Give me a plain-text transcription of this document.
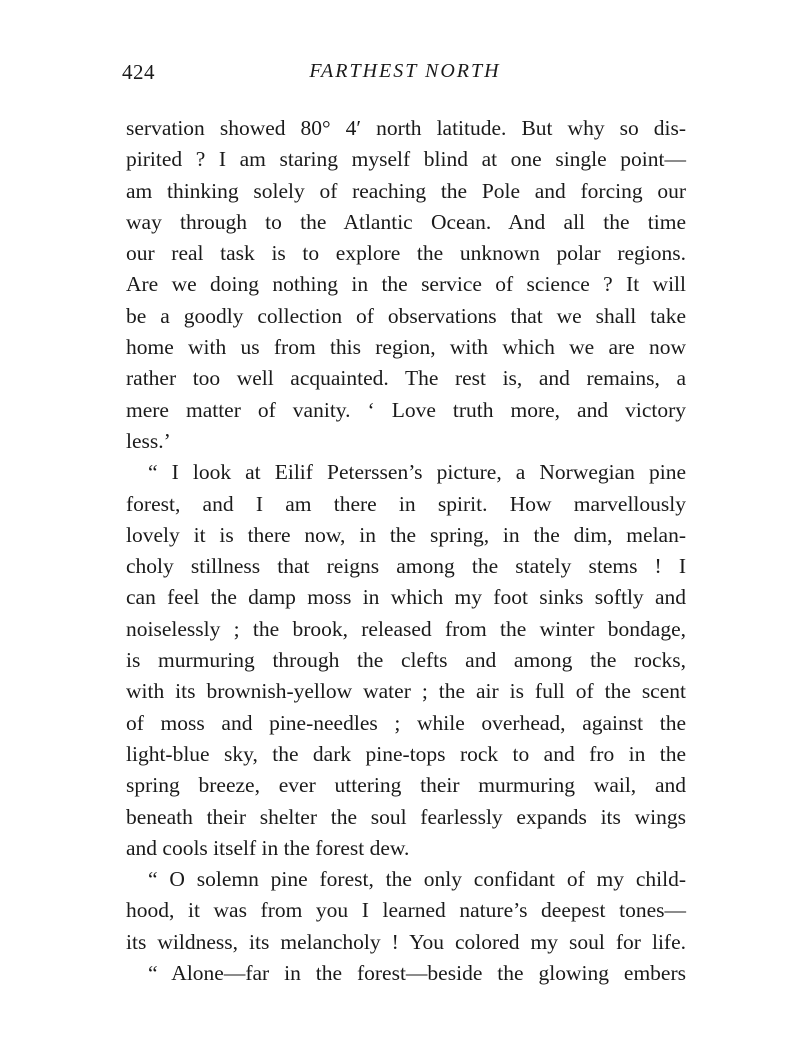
424	FARTHEST NORTH
servation showed 80° 4′ north latitude. But why so dis-
pirited ? I am staring myself blind at one single point—
am thinking solely of reaching the Pole and forcing our
way through to the Atlantic Ocean. And all the time
our real task is to explore the unknown polar regions.
Are we doing nothing in the service of science ? It will
be a goodly collection of observations that we shall take
home with us from this region, with which we are now
rather too well acquainted. The rest is, and remains, a
mere matter of vanity. ‘ Love truth more, and victory
less.’
“ I look at Eilif Peterssen’s picture, a Norwegian pine
forest, and I am there in spirit. How marvellously
lovely it is there now, in the spring, in the dim, melan-
choly stillness that reigns among the stately stems ! I
can feel the damp moss in which my foot sinks softly and
noiselessly ; the brook, released from the winter bondage,
is murmuring through the clefts and among the rocks,
with its brownish-yellow water ; the air is full of the scent
of moss and pine-needles ; while overhead, against the
light-blue sky, the dark pine-tops rock to and fro in the
spring breeze, ever uttering their murmuring wail, and
beneath their shelter the soul fearlessly expands its wings
and cools itself in the forest dew.
“ O solemn pine forest, the only confidant of my child-
hood, it was from you I learned nature’s deepest tones—
its wildness, its melancholy ! You colored my soul for life.
“ Alone—far in the forest—beside the glowing embers
